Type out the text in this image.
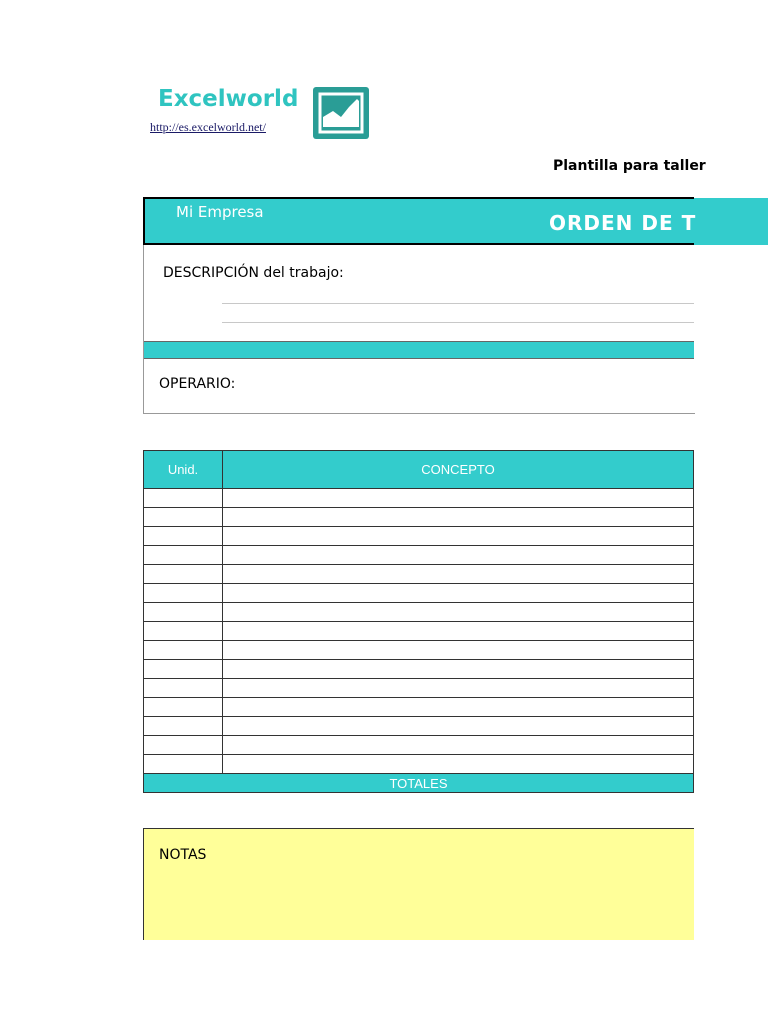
Excelworld
http://es.excelworld.net/
Plantilla para taller
Mi Empresa	ORDEN DE T
DESCRIPCIÓN del trabajo:
OPERARIO:
Unid.	CONCEPTO

TOTALES	
NOTAS
